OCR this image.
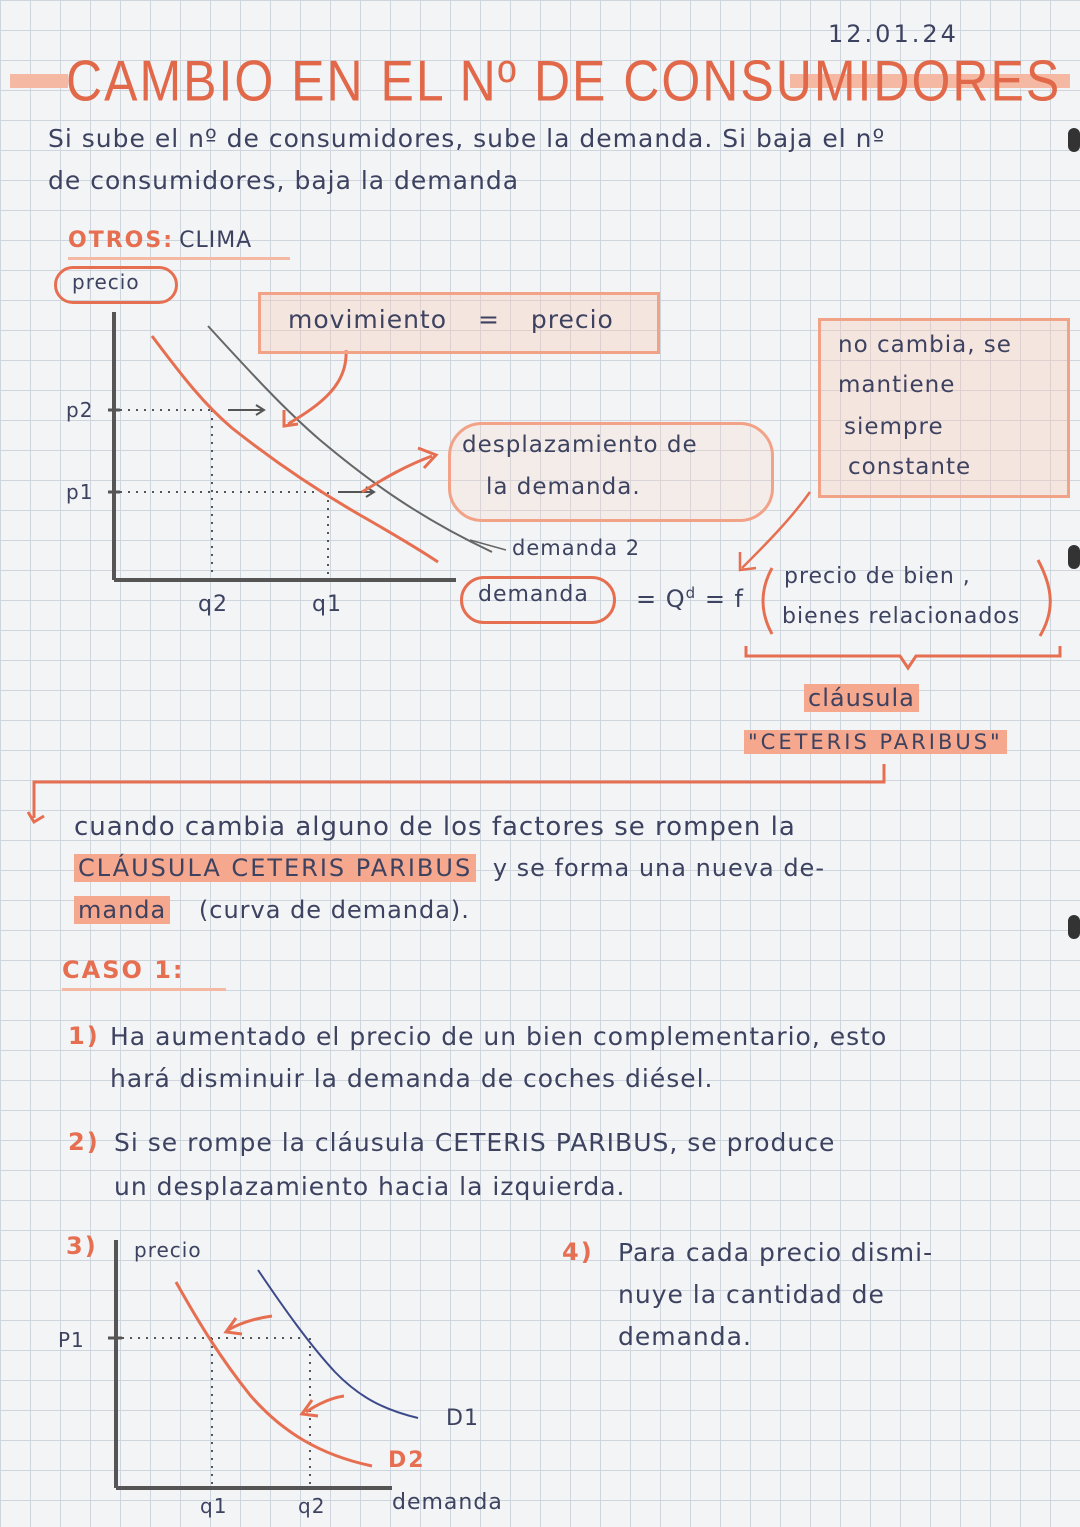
12.01.24
CAMBIO EN EL Nº DE CONSUMIDORES
Si sube el nº de consumidores, sube la demanda. Si baja el nº
de consumidores, baja la demanda
OTROS: CLIMA
precio
p2
p1
q2	q1
demanda 2
demanda
movimiento = precio
desplazamiento de
la demanda.
no cambia, se
mantiene
siempre
constante
= $Q^d = f$
precio de bien ,
bienes relacionados
cláusula
"CETERIS PARIBUS"
cuando cambia alguno de los factores se rompen la
CLÁUSULA CETERIS PARIBUS y se forma una nueva de-
manda (curva de demanda).
CASO 1:
1) Ha aumentado el precio de un bien complementario, esto
hará disminuir la demanda de coches diésel.
2) Si se rompe la cláusula CETERIS PARIBUS, se produce
un desplazamiento hacia la izquierda.
3) precio
P1
D1
D2
q1	q2	demanda
4) Para cada precio dismi-
nuye la cantidad de
demanda.
